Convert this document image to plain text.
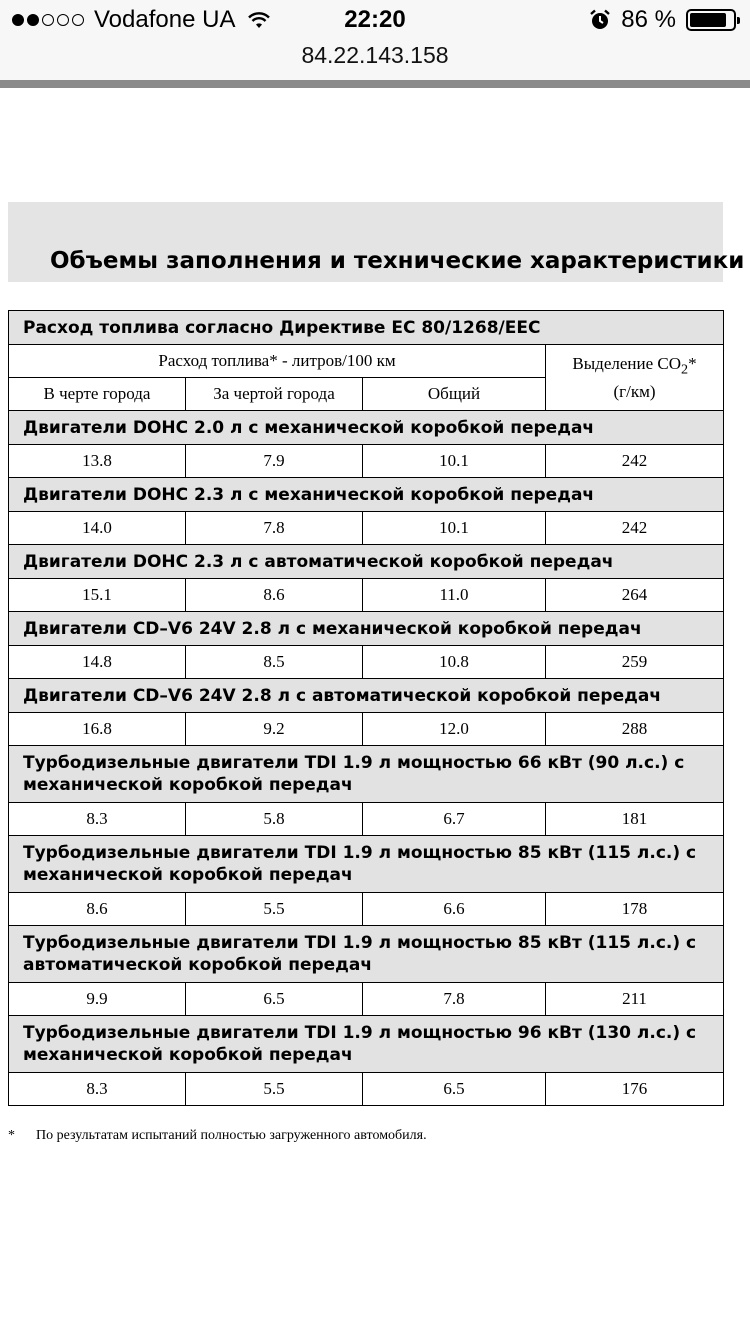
Vodafone UA	22:20	86 %
84.22.143.158
Объемы заполнения и технические характеристики
Расход топлива согласно Директиве ЕС 80/1268/EEC			
Расход топлива* - литров/100 км			Выделение $CO_2*$
(г/км)
В черте города	За чертой города	Общий	
Двигатели DOHC 2.0 л с механической коробкой передач			
13.8	7.9	10.1	242
Двигатели DOHC 2.3 л с механической коробкой передач			
14.0	7.8	10.1	242
Двигатели DOHC 2.3 л с автоматической коробкой передач			
15.1	8.6	11.0	264
Двигатели CD–V6 24V 2.8 л с механической коробкой передач			
14.8	8.5	10.8	259
Двигатели CD–V6 24V 2.8 л с автоматической коробкой передач			
16.8	9.2	12.0	288
Турбодизельные двигатели TDI 1.9 л мощностью 66 кВт (90 л.с.) с механической коробкой передач			
8.3	5.8	6.7	181
Турбодизельные двигатели TDI 1.9 л мощностью 85 кВт (115 л.с.) с механической коробкой передач			
8.6	5.5	6.6	178
Турбодизельные двигатели TDI 1.9 л мощностью 85 кВт (115 л.с.) с автоматической коробкой передач			
9.9	6.5	7.8	211
Турбодизельные двигатели TDI 1.9 л мощностью 96 кВт (130 л.с.) с механической коробкой передач			
8.3	5.5	6.5	176
* По результатам испытаний полностью загруженного автомобиля.
